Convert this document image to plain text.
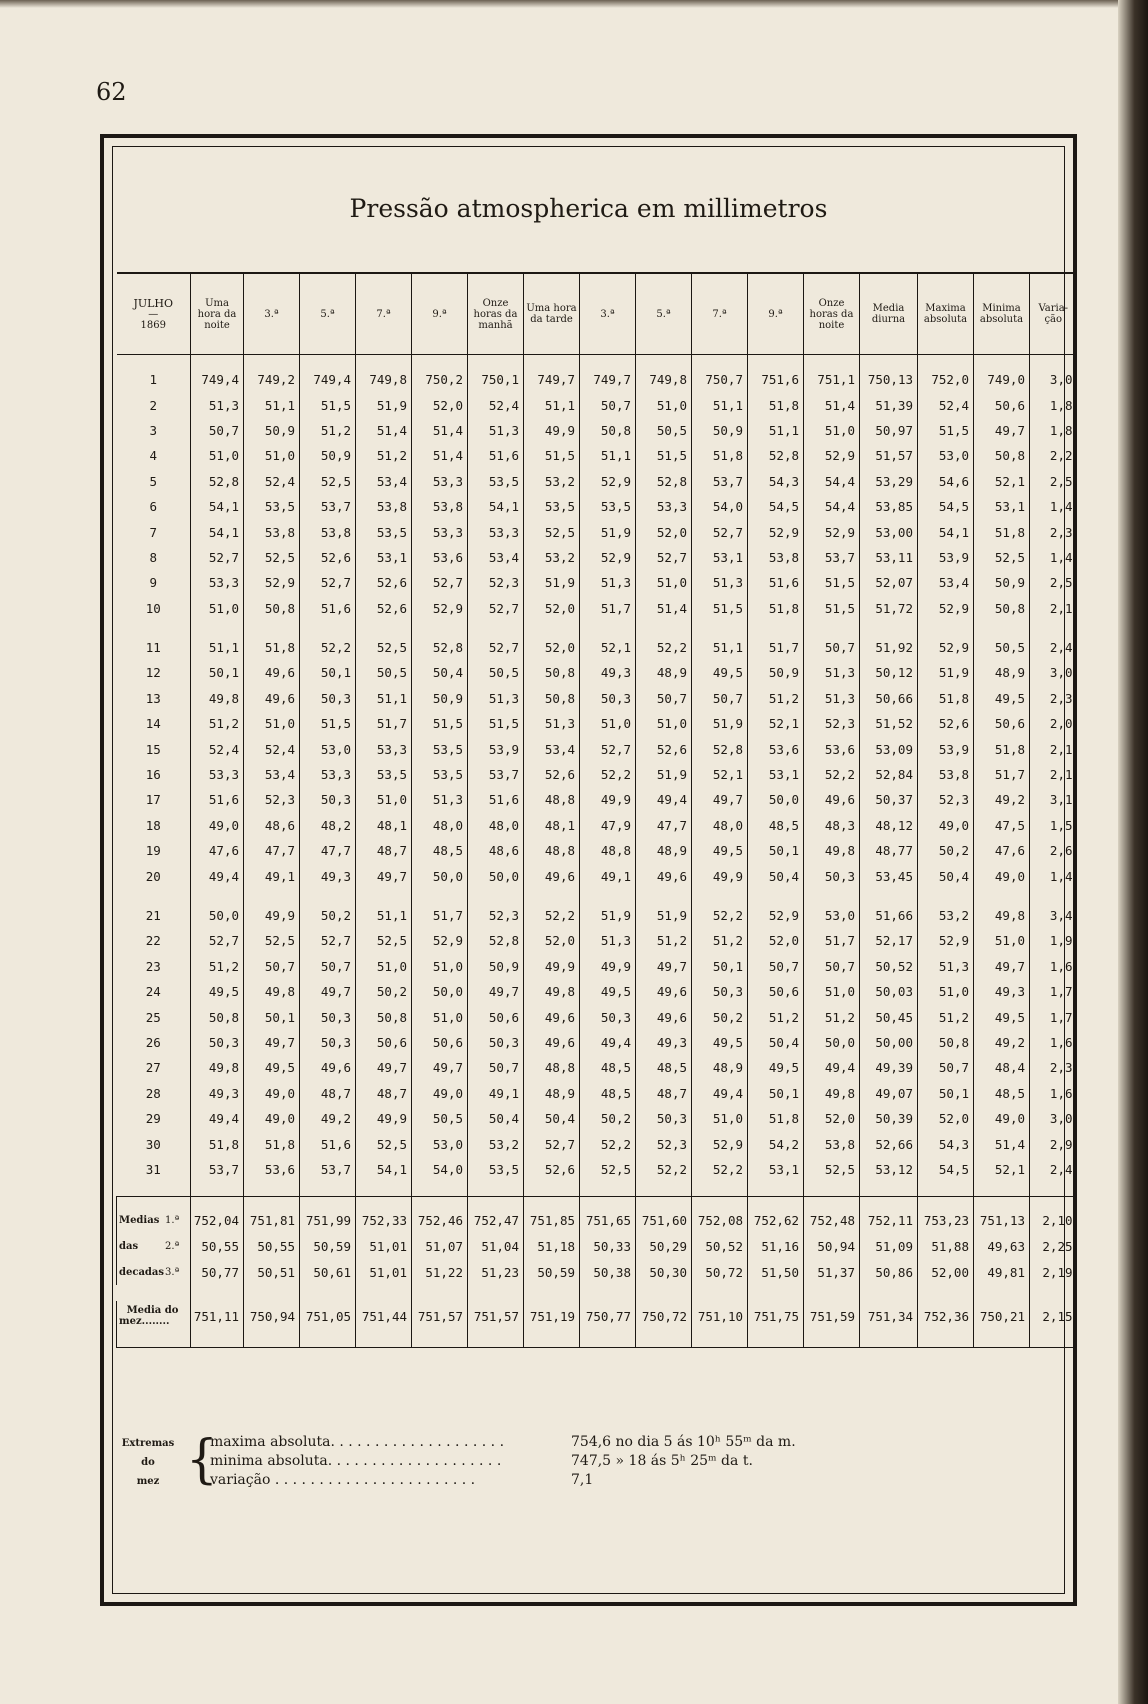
62
Pressão atmospherica em millimetros
JULHO
—
1869	Uma hora da noite	3.ª	5.ª	7.ª	9.ª	Onze horas da manhã	Uma hora da tarde	3.ª	5.ª	7.ª	9.ª	Onze horas da noite	Media diurna	Maxima absoluta	Minima absoluta	Varia-ção
1	749,4	749,2	749,4	749,8	750,2	750,1	749,7	749,7	749,8	750,7	751,6	751,1	750,13	752,0	749,0	3,0
2	51,3	51,1	51,5	51,9	52,0	52,4	51,1	50,7	51,0	51,1	51,8	51,4	51,39	52,4	50,6	1,8
3	50,7	50,9	51,2	51,4	51,4	51,3	49,9	50,8	50,5	50,9	51,1	51,0	50,97	51,5	49,7	1,8
4	51,0	51,0	50,9	51,2	51,4	51,6	51,5	51,1	51,5	51,8	52,8	52,9	51,57	53,0	50,8	2,2
5	52,8	52,4	52,5	53,4	53,3	53,5	53,2	52,9	52,8	53,7	54,3	54,4	53,29	54,6	52,1	2,5
6	54,1	53,5	53,7	53,8	53,8	54,1	53,5	53,5	53,3	54,0	54,5	54,4	53,85	54,5	53,1	1,4
7	54,1	53,8	53,8	53,5	53,3	53,3	52,5	51,9	52,0	52,7	52,9	52,9	53,00	54,1	51,8	2,3
8	52,7	52,5	52,6	53,1	53,6	53,4	53,2	52,9	52,7	53,1	53,8	53,7	53,11	53,9	52,5	1,4
9	53,3	52,9	52,7	52,6	52,7	52,3	51,9	51,3	51,0	51,3	51,6	51,5	52,07	53,4	50,9	2,5
10	51,0	50,8	51,6	52,6	52,9	52,7	52,0	51,7	51,4	51,5	51,8	51,5	51,72	52,9	50,8	2,1

11	51,1	51,8	52,2	52,5	52,8	52,7	52,0	52,1	52,2	51,1	51,7	50,7	51,92	52,9	50,5	2,4
12	50,1	49,6	50,1	50,5	50,4	50,5	50,8	49,3	48,9	49,5	50,9	51,3	50,12	51,9	48,9	3,0
13	49,8	49,6	50,3	51,1	50,9	51,3	50,8	50,3	50,7	50,7	51,2	51,3	50,66	51,8	49,5	2,3
14	51,2	51,0	51,5	51,7	51,5	51,5	51,3	51,0	51,0	51,9	52,1	52,3	51,52	52,6	50,6	2,0
15	52,4	52,4	53,0	53,3	53,5	53,9	53,4	52,7	52,6	52,8	53,6	53,6	53,09	53,9	51,8	2,1
16	53,3	53,4	53,3	53,5	53,5	53,7	52,6	52,2	51,9	52,1	53,1	52,2	52,84	53,8	51,7	2,1
17	51,6	52,3	50,3	51,0	51,3	51,6	48,8	49,9	49,4	49,7	50,0	49,6	50,37	52,3	49,2	3,1
18	49,0	48,6	48,2	48,1	48,0	48,0	48,1	47,9	47,7	48,0	48,5	48,3	48,12	49,0	47,5	1,5
19	47,6	47,7	47,7	48,7	48,5	48,6	48,8	48,8	48,9	49,5	50,1	49,8	48,77	50,2	47,6	2,6
20	49,4	49,1	49,3	49,7	50,0	50,0	49,6	49,1	49,6	49,9	50,4	50,3	53,45	50,4	49,0	1,4

21	50,0	49,9	50,2	51,1	51,7	52,3	52,2	51,9	51,9	52,2	52,9	53,0	51,66	53,2	49,8	3,4
22	52,7	52,5	52,7	52,5	52,9	52,8	52,0	51,3	51,2	51,2	52,0	51,7	52,17	52,9	51,0	1,9
23	51,2	50,7	50,7	51,0	51,0	50,9	49,9	49,9	49,7	50,1	50,7	50,7	50,52	51,3	49,7	1,6
24	49,5	49,8	49,7	50,2	50,0	49,7	49,8	49,5	49,6	50,3	50,6	51,0	50,03	51,0	49,3	1,7
25	50,8	50,1	50,3	50,8	51,0	50,6	49,6	50,3	49,6	50,2	51,2	51,2	50,45	51,2	49,5	1,7
26	50,3	49,7	50,3	50,6	50,6	50,3	49,6	49,4	49,3	49,5	50,4	50,0	50,00	50,8	49,2	1,6
27	49,8	49,5	49,6	49,7	49,7	50,7	48,8	48,5	48,5	48,9	49,5	49,4	49,39	50,7	48,4	2,3
28	49,3	49,0	48,7	48,7	49,0	49,1	48,9	48,5	48,7	49,4	50,1	49,8	49,07	50,1	48,5	1,6
29	49,4	49,0	49,2	49,9	50,5	50,4	50,4	50,2	50,3	51,0	51,8	52,0	50,39	52,0	49,0	3,0
30	51,8	51,8	51,6	52,5	53,0	53,2	52,7	52,2	52,3	52,9	54,2	53,8	52,66	54,3	51,4	2,9
31	53,7	53,6	53,7	54,1	54,0	53,5	52,6	52,5	52,2	52,2	53,1	52,5	53,12	54,5	52,1	2,4

Medias 1.ª	752,04	751,81	751,99	752,33	752,46	752,47	751,85	751,65	751,60	752,08	752,62	752,48	752,11	753,23	751,13	2,10
das 2.ª	50,55	50,55	50,59	51,01	51,07	51,04	51,18	50,33	50,29	50,52	51,16	50,94	51,09	51,88	49,63	2,25
decadas3.ª	50,77	50,51	50,61	51,01	51,22	51,23	50,59	50,38	50,30	50,72	51,50	51,37	50,86	52,00	49,81	2,19

Media do
mez........	751,11	750,94	751,05	751,44	751,57	751,57	751,19	750,77	750,72	751,10	751,75	751,59	751,34	752,36	750,21	2,15
Extremas
do
mez {
maxima absoluta. . . . . . . . . . . . . . . . . . . .	754,6 no dia 5 ás 10ʰ 55ᵐ da m.
minima absoluta. . . . . . . . . . . . . . . . . . . .	747,5 » 18 ás 5ʰ 25ᵐ da t.
variação . . . . . . . . . . . . . . . . . . . . . . .	7,1
